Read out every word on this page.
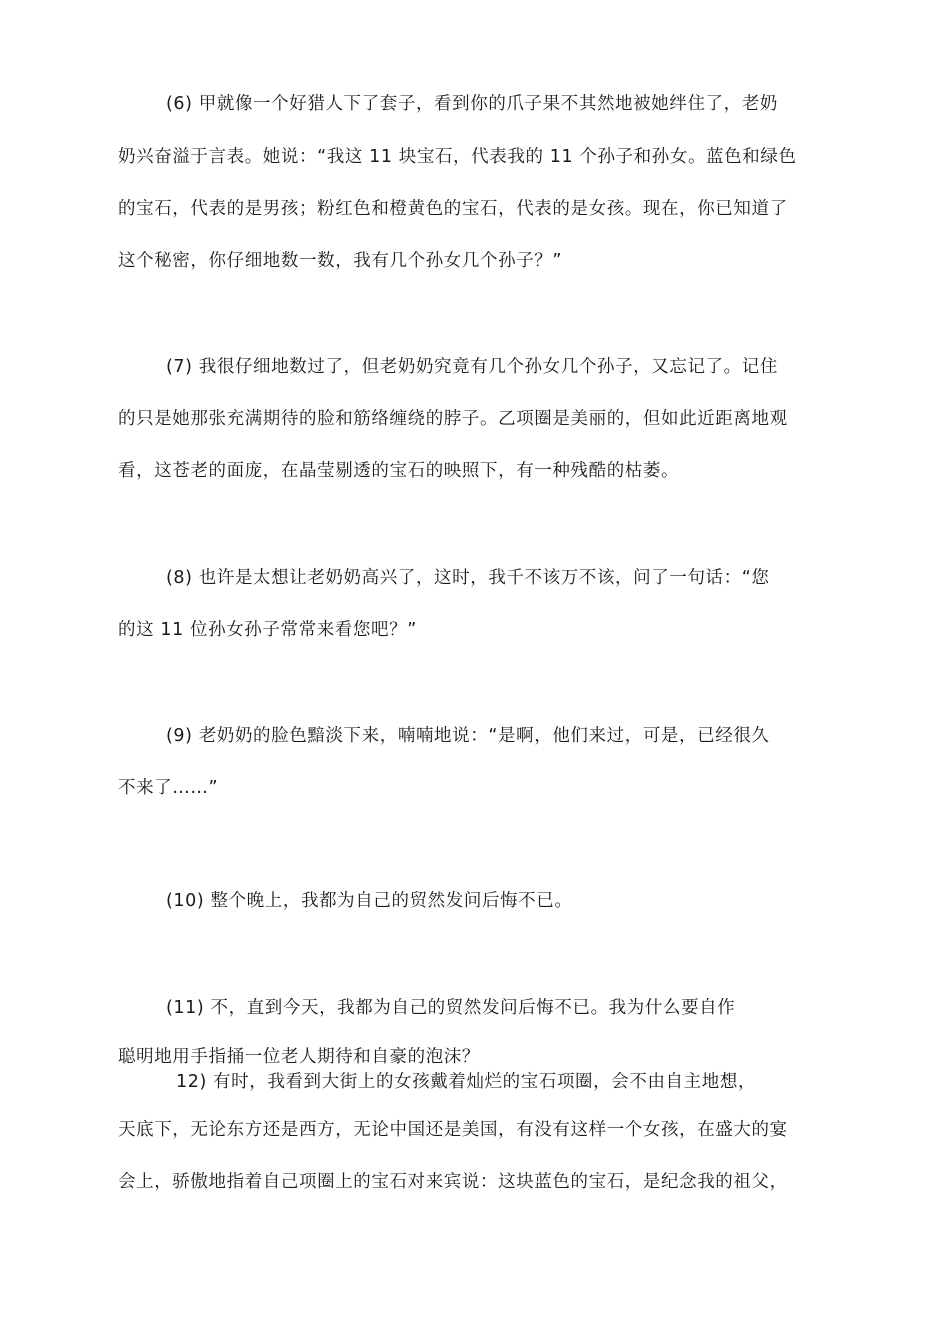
(6) 甲就像一个好猎人下了套子，看到你的爪子果不其然地被她绊住了，老奶
奶兴奋溢于言表。她说：“我这 11 块宝石，代表我的 11 个孙子和孙女。蓝色和绿色
的宝石，代表的是男孩；粉红色和橙黄色的宝石，代表的是女孩。现在，你已知道了
这个秘密，你仔细地数一数，我有几个孙女几个孙子？”
(7) 我很仔细地数过了，但老奶奶究竟有几个孙女几个孙子，又忘记了。记住
的只是她那张充满期待的脸和筋络缠绕的脖子。乙项圈是美丽的，但如此近距离地观
看，这苍老的面庞，在晶莹剔透的宝石的映照下，有一种残酷的枯萎。
(8) 也许是太想让老奶奶高兴了，这时，我千不该万不该，问了一句话：“您
的这 11 位孙女孙子常常来看您吧？”
(9) 老奶奶的脸色黯淡下来，喃喃地说：“是啊，他们来过，可是，已经很久
不来了……”
(10) 整个晚上，我都为自己的贸然发问后悔不已。
(11) 不，直到今天，我都为自己的贸然发问后悔不已。我为什么要自作
聪明地用手指捅一位老人期待和自豪的泡沫？
12) 有时，我看到大街上的女孩戴着灿烂的宝石项圈，会不由自主地想，
天底下，无论东方还是西方，无论中国还是美国，有没有这样一个女孩，在盛大的宴
会上，骄傲地指着自己项圈上的宝石对来宾说：这块蓝色的宝石，是纪念我的祖父，
